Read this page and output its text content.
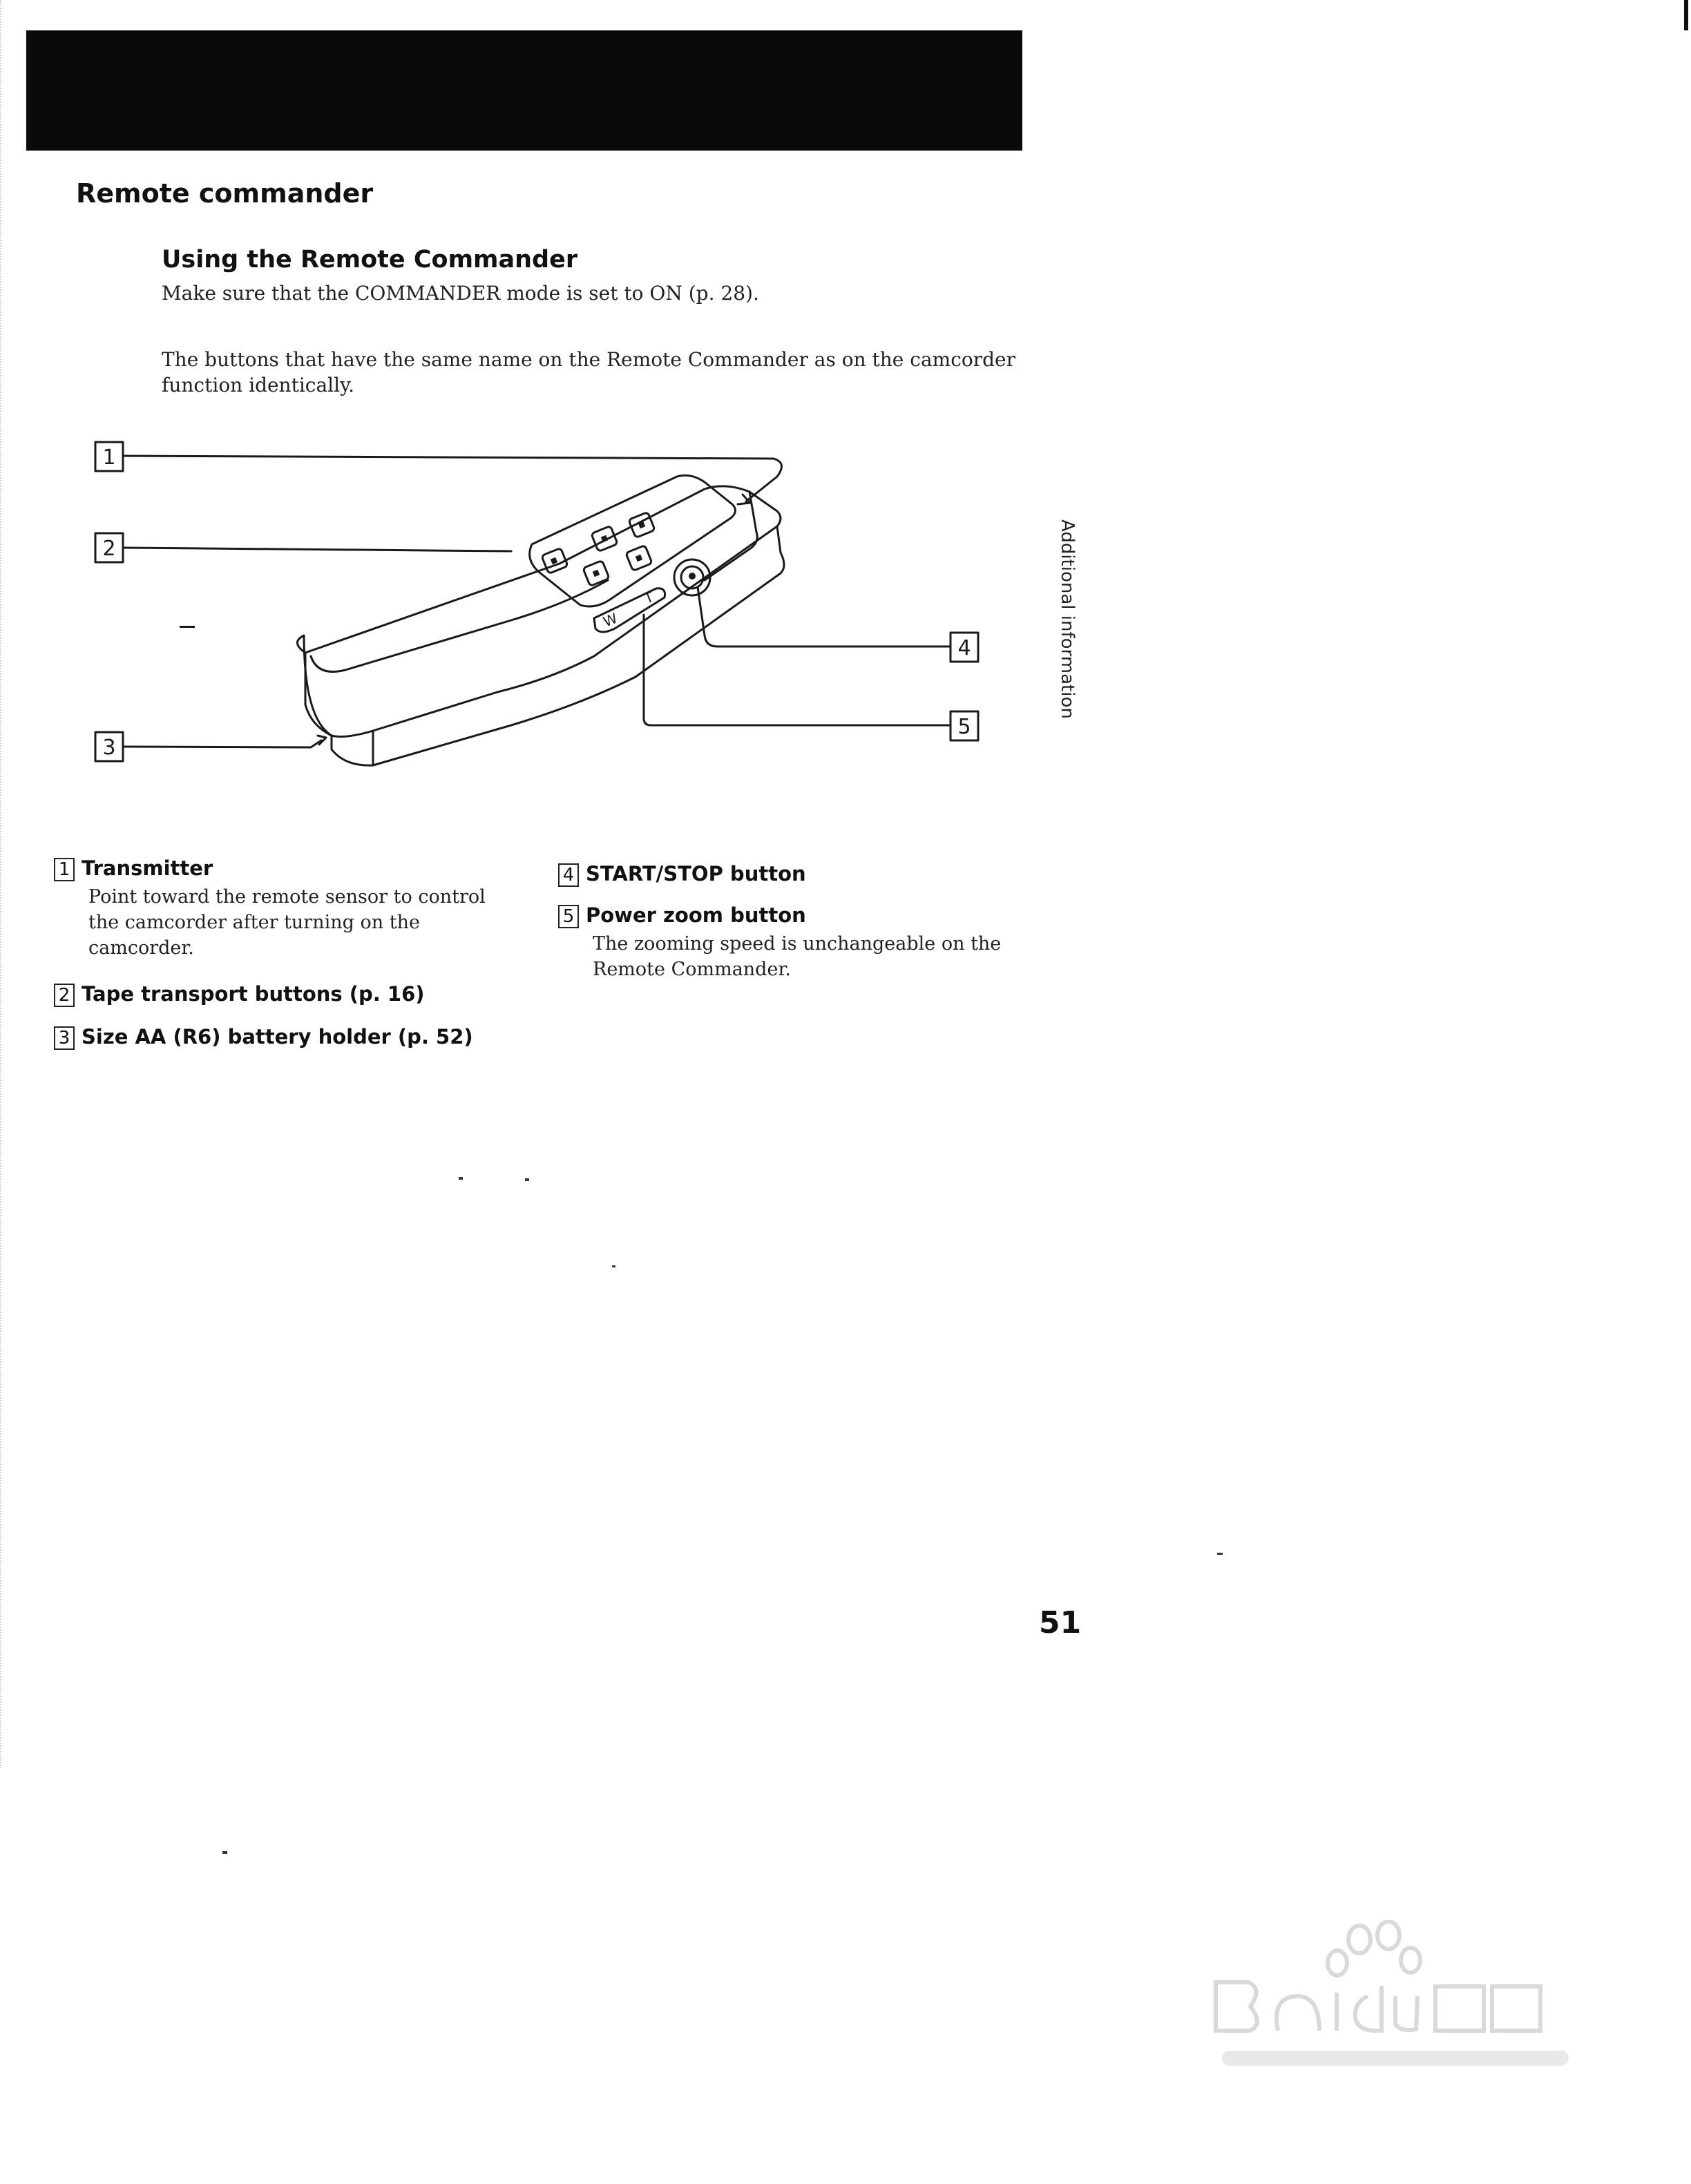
Remote commander
Using the Remote Commander
Make sure that the COMMANDER mode is set to ON (p. 28).
The buttons that have the same name on the Remote Commander as on the camcorder function identically.
Additional information
1
2
3
4
5
W
T
1 Transmitter
Point toward the remote sensor to control the camcorder after turning on the camcorder.
2 Tape transport buttons (p. 16)
3 Size AA (R6) battery holder (p. 52)
4 START/STOP button
5 Power zoom button
The zooming speed is unchangeable on the Remote Commander.
51
